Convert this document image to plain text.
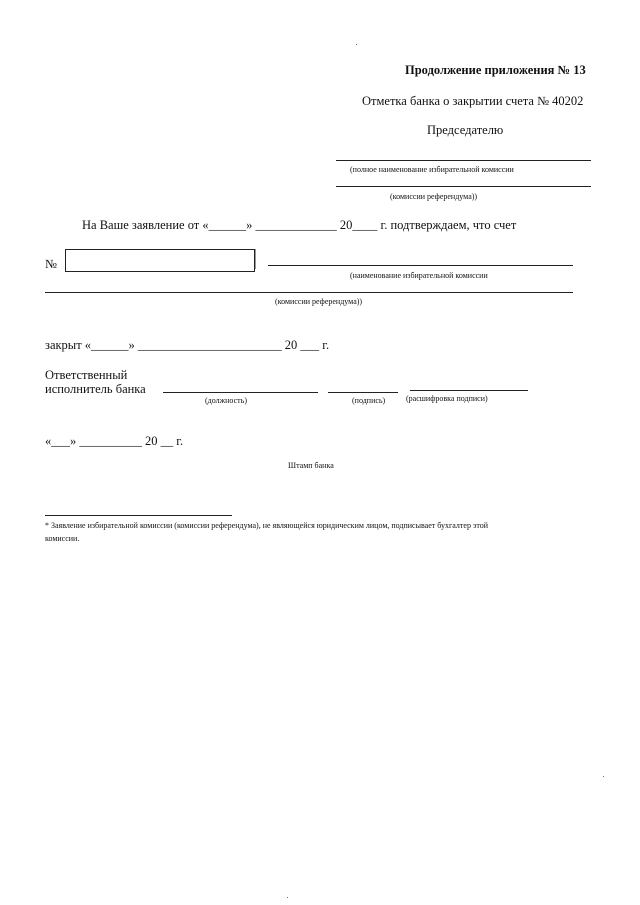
Продолжение приложения № 13
Отметка банка о закрытии счета № 40202
Председателю
(полное наименование избирательной комиссии
(комиссии референдума))
На Ваше заявление от «______» _____________ 20____ г. подтверждаем, что счет
№
(наименование избирательной комиссии
(комиссии референдума))
закрыт «______» _______________________ 20 ___ г.
Ответственный
исполнитель банка
(должность)	(подпись)	(расшифровка подписи)
«___» __________ 20 __ г.
Штамп банка
* Заявление избирательной комиссии (комиссии референдума), не являющейся юридическим лицом, подписывает бухгалтер этой
комиссии.
